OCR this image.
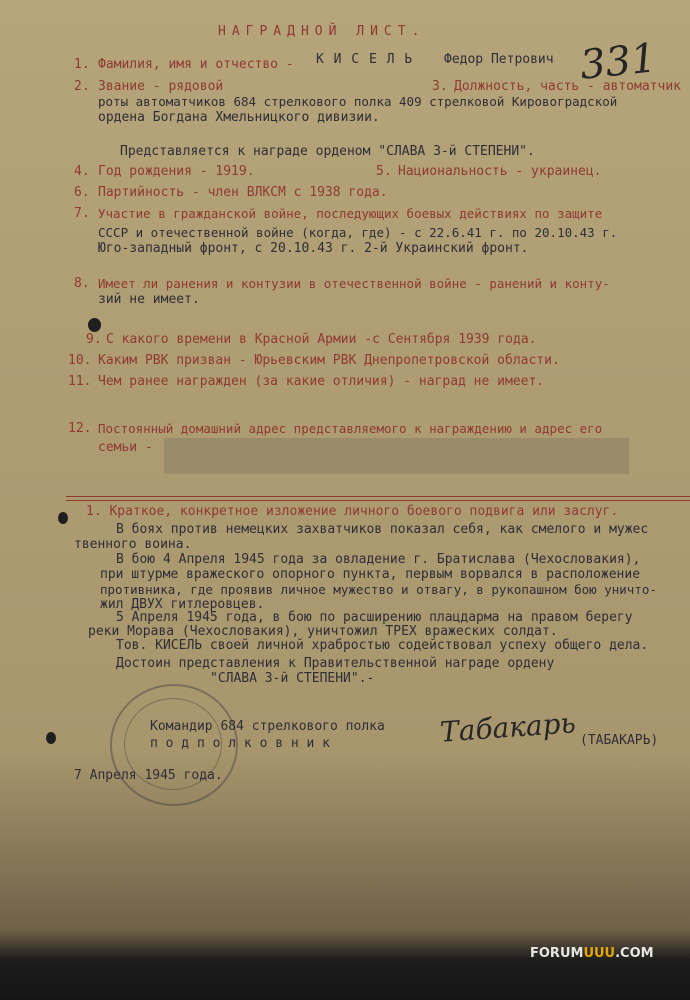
НАГРАДНОЙ ЛИСТ.
1. Фамилия, имя и отчество - К И С Е Л Ь Федор Петрович 331
2. Звание - рядовой	3. Должность, часть - автоматчик
роты автоматчиков 684 стрелкового полка 409 стрелковой Кировоградской
ордена Богдана Хмельницкого дивизии.
Представляется к награде орденом "СЛАВА 3-й СТЕПЕНИ".
4. Год рождения - 1919.	5. Национальность - украинец.
6. Партийность - член ВЛКСМ с 1938 года.
7. Участие в гражданской войне, последующих боевых действиях по защите
СССР и отечественной войне (когда, где) - с 22.6.41 г. по 20.10.43 г.
Юго-западный фронт, с 20.10.43 г. 2-й Украинский фронт.
8. Имеет ли ранения и контузии в отечественной войне - ранений и конту-
зий не имеет.
9. С какого времени в Красной Армии -с Сентября 1939 года.
10. Каким РВК призван - Юрьевским РВК Днепропетровской области.
11. Чем ранее награжден (за какие отличия) - наград не имеет.
12. Постоянный домашний адрес представляемого к награждению и адрес его
семьи -
1. Краткое, конкретное изложение личного боевого подвига или заслуг.
В боях против немецких захватчиков показал себя, как смелого и мужес
твенного воина.
В бою 4 Апреля 1945 года за овладение г. Братислава (Чехословакия),
при штурме вражеского опорного пункта, первым ворвался в расположение
противника, где проявив личное мужество и отвагу, в рукопашном бою уничто-
жил ДВУХ гитлеровцев.
5 Апреля 1945 года, в бою по расширению плацдарма на правом берегу
реки Морава (Чехословакия), уничтожил ТРЕХ вражеских солдат.
Тов. КИСЕЛЬ своей личной храбростью содействовал успеху общего дела.
Достоин представления к Правительственной награде ордену
"СЛАВА 3-й СТЕПЕНИ".-
Командир 684 стрелкового полка
п о д п о л к о в н и к	Табакарь (ТАБАКАРЬ)
7 Апреля 1945 года.
FORUMUUU.COM
